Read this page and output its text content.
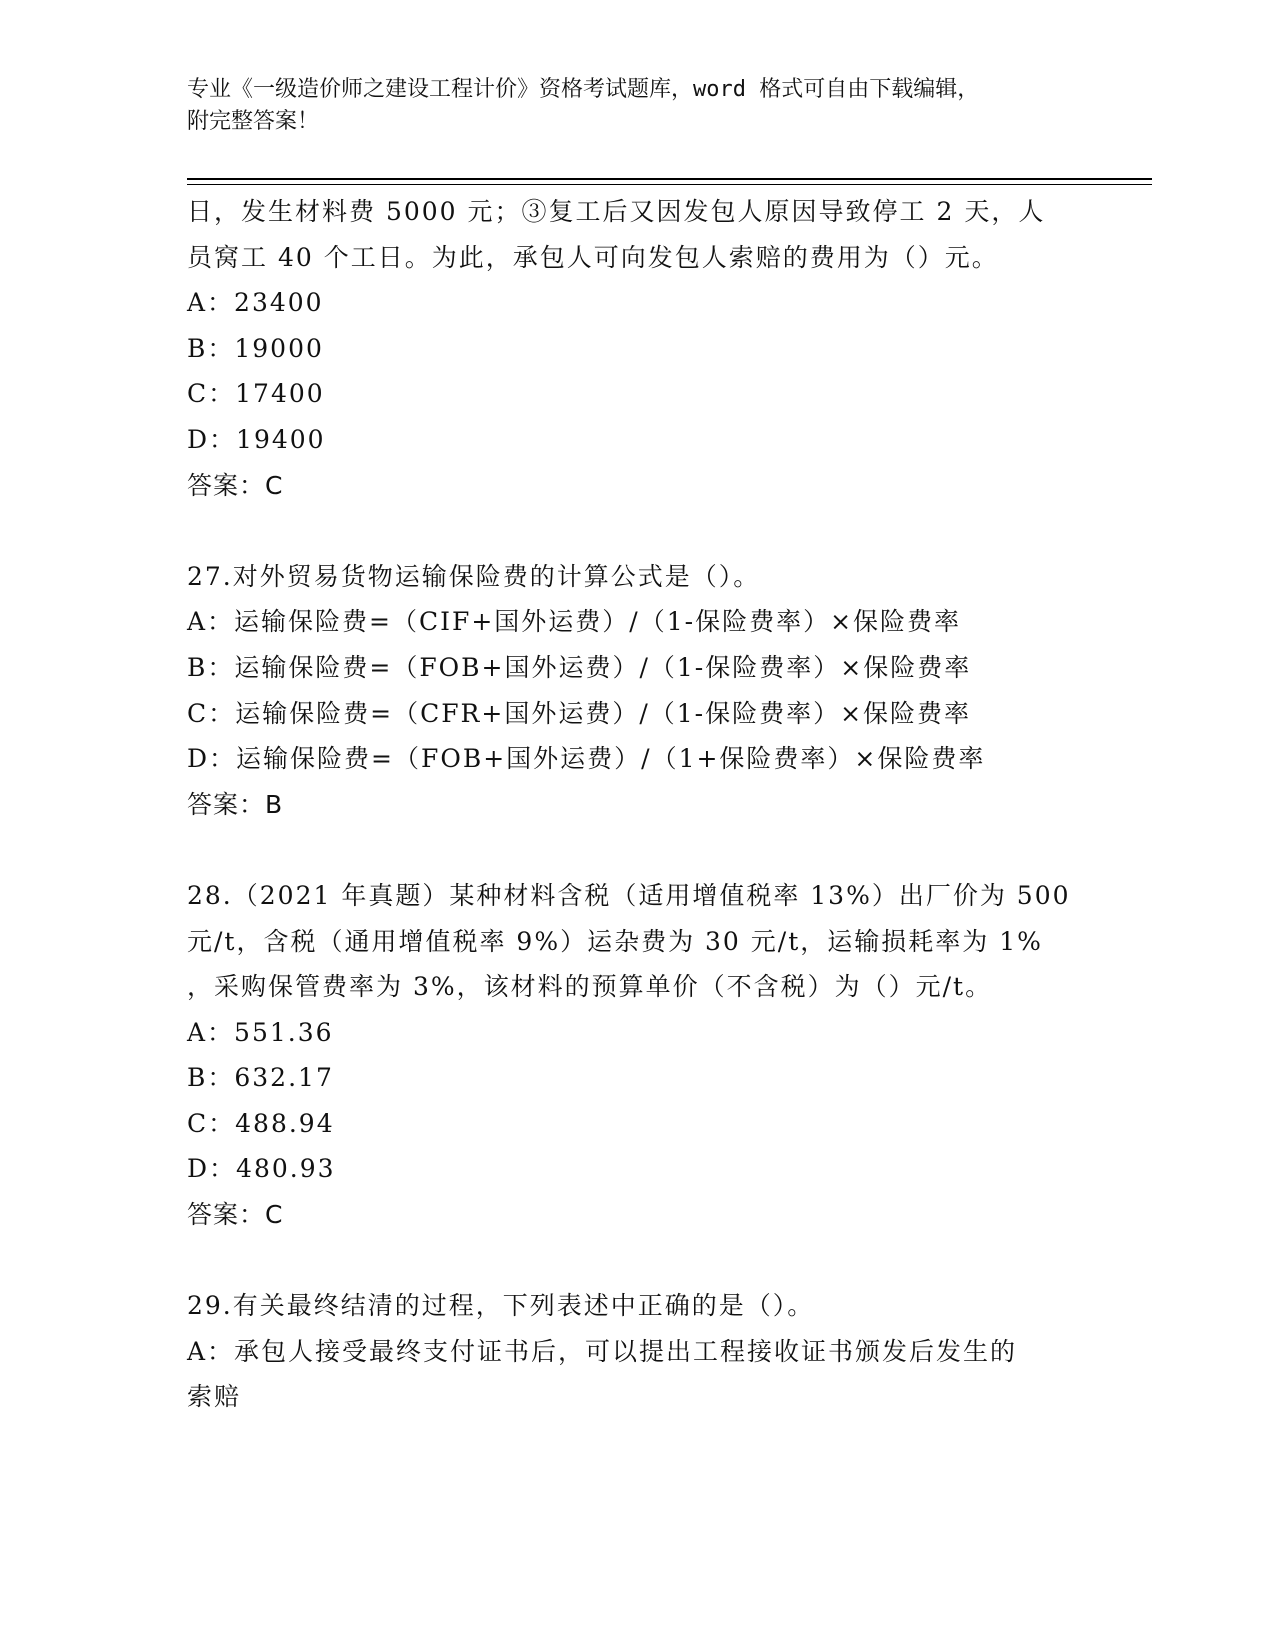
专业《一级造价师之建设工程计价》资格考试题库，word 格式可自由下载编辑，

附完整答案！

日，发生材料费 5000 元；③复工后又因发包人原因导致停工 2 天，人
员窝工 40 个工日。为此，承包人可向发包人索赔的费用为（）元。
A：23400
B：19000
C：17400
D：19400
答案：C
27.对外贸易货物运输保险费的计算公式是（）。
A：运输保险费=（CIF+国外运费）/（1-保险费率）×保险费率
B：运输保险费=（FOB+国外运费）/（1-保险费率）×保险费率
C：运输保险费=（CFR+国外运费）/（1-保险费率）×保险费率
D：运输保险费=（FOB+国外运费）/（1+保险费率）×保险费率
答案：B
28.（2021 年真题）某种材料含税（适用增值税率 13%）出厂价为 500
元/t，含税（通用增值税率 9%）运杂费为 30 元/t，运输损耗率为 1%
，采购保管费率为 3%，该材料的预算单价（不含税）为（）元/t。
A：551.36
B：632.17
C：488.94
D：480.93
答案：C
29.有关最终结清的过程，下列表述中正确的是（）。
A：承包人接受最终支付证书后，可以提出工程接收证书颁发后发生的
索赔
